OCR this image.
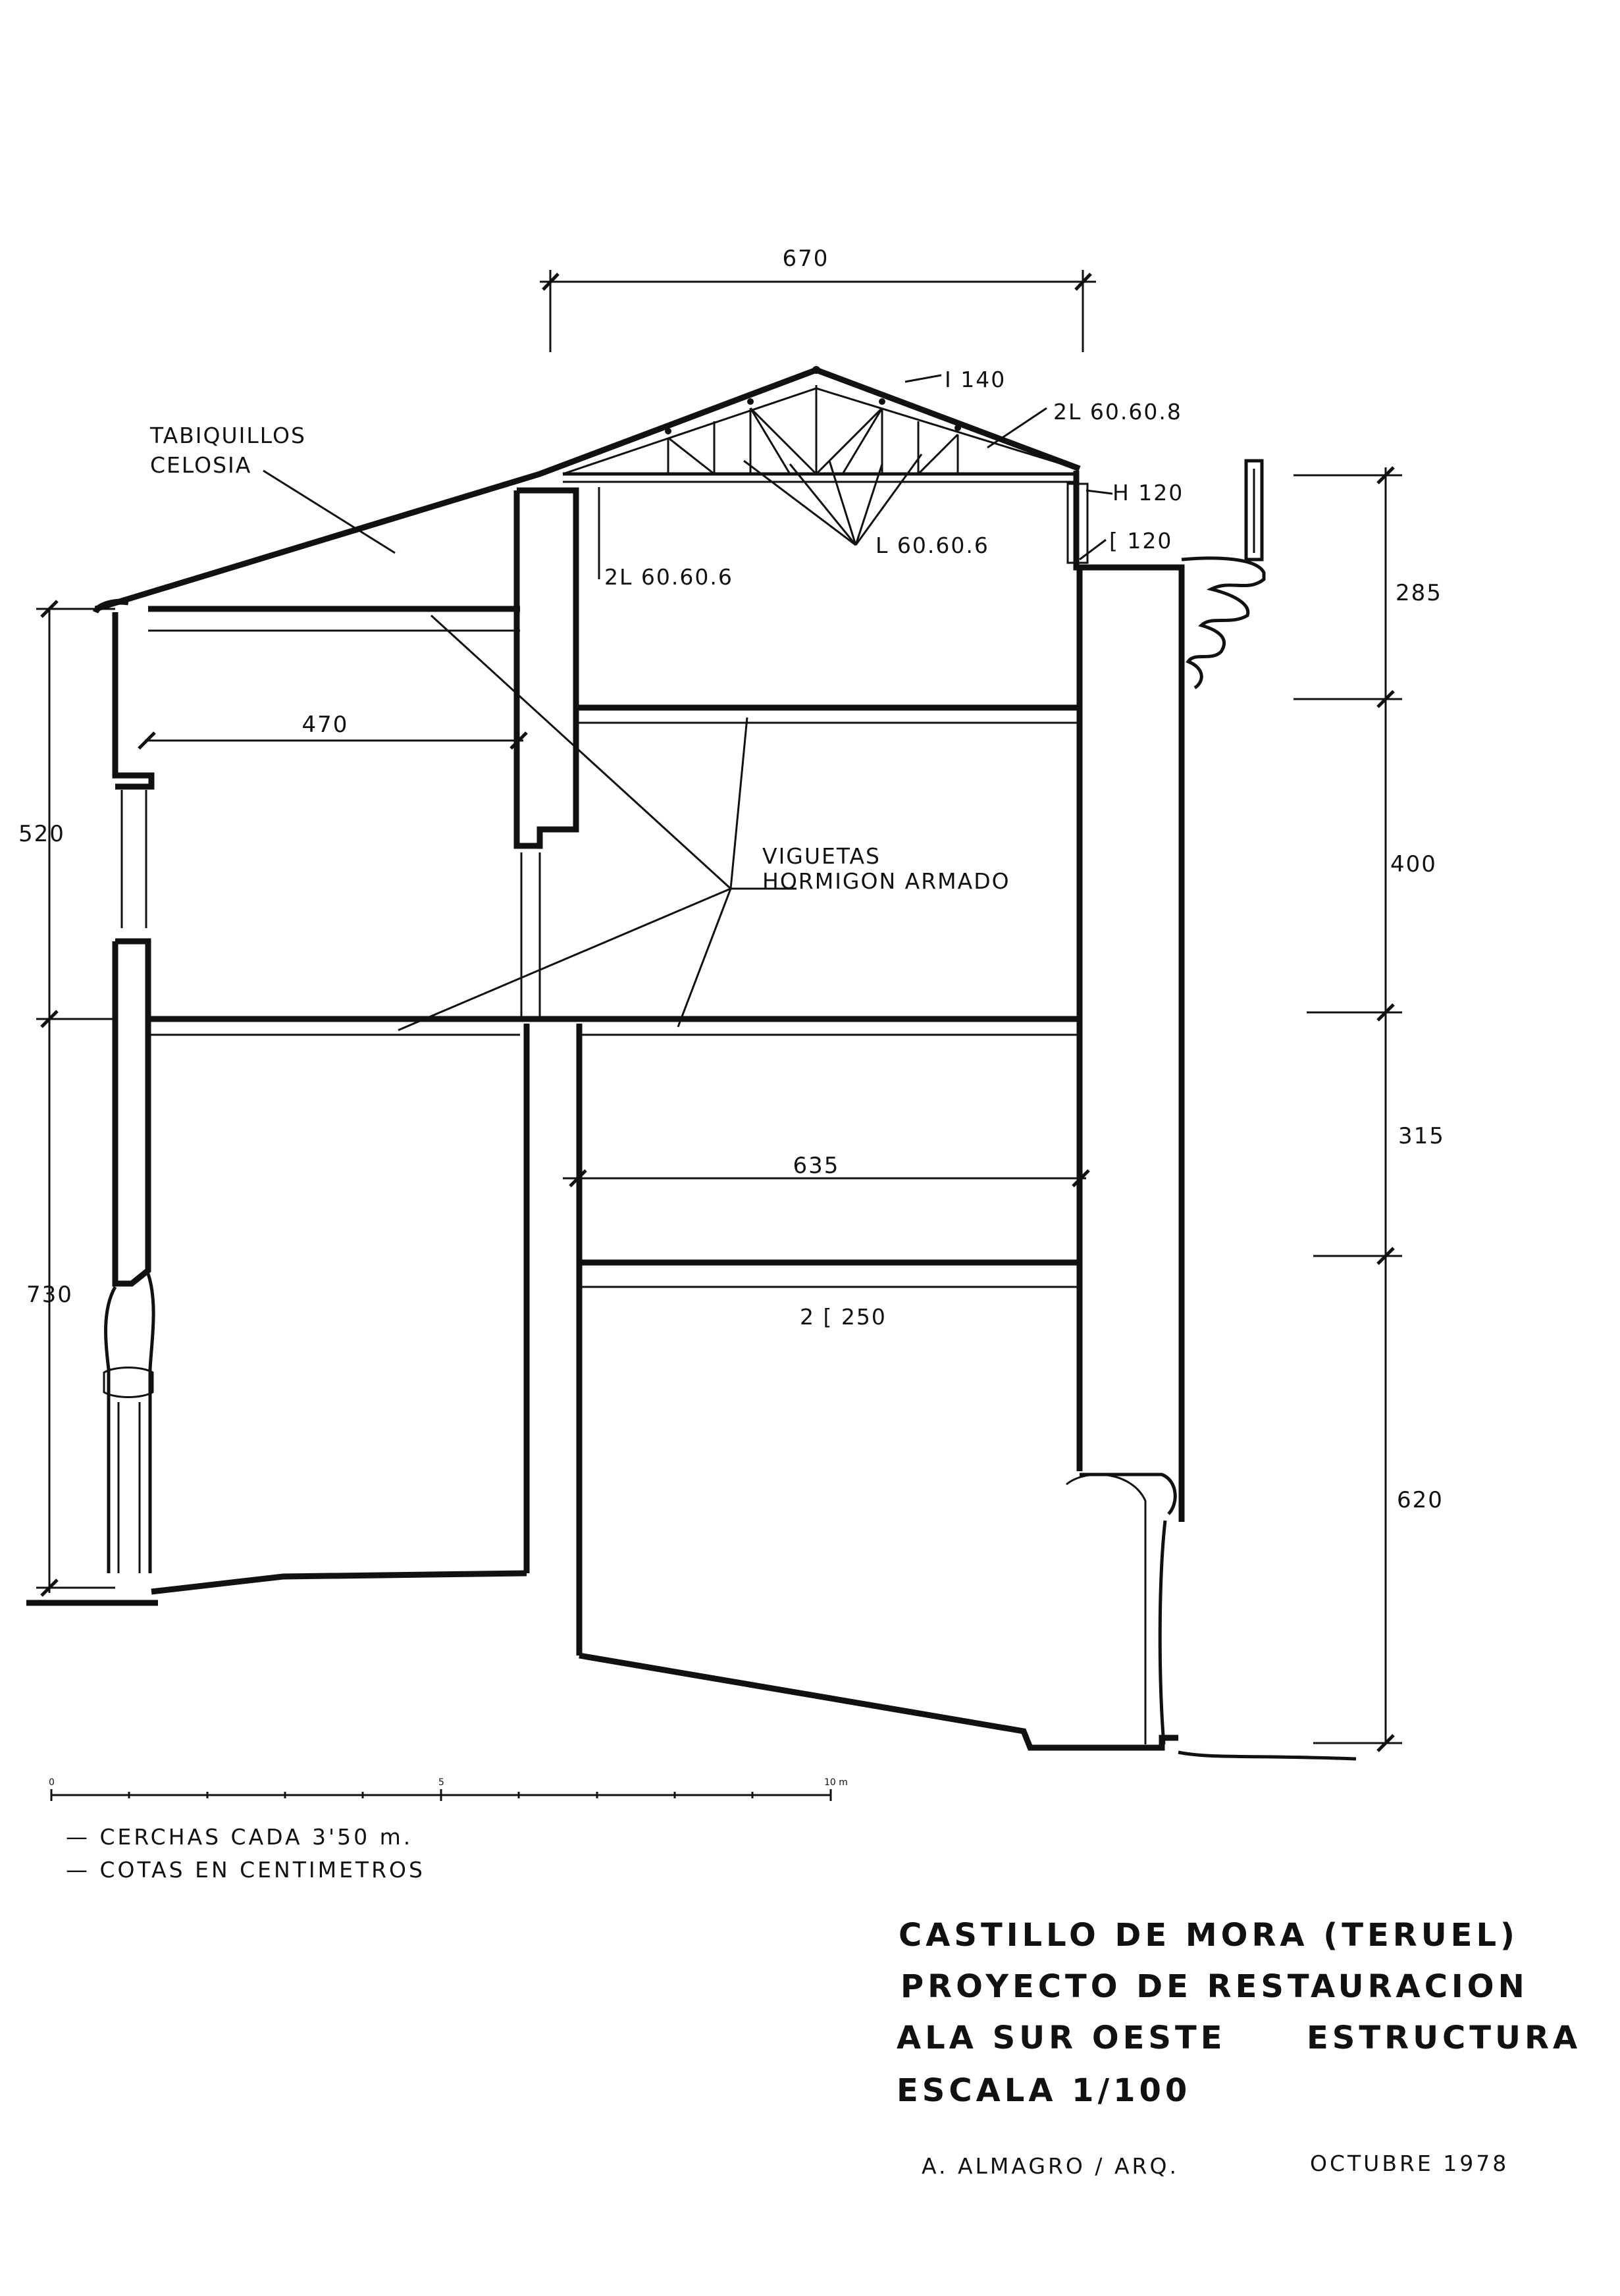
670
520
730
470
635
285
400
315
620
TABIQUILLOS
CELOSIA
VIGUETAS
HORMIGON ARMADO
I 140
2L 60.60.8
H 120
[ 120
L 60.60.6
2L 60.60.6
2 [ 250
0	5	10 m
— CERCHAS CADA 3'50 m.
— COTAS EN CENTIMETROS
CASTILLO DE MORA (TERUEL)
PROYECTO DE RESTAURACION
ALA SUR OESTE	ESTRUCTURA
ESCALA 1/100
A. ALMAGRO / ARQ.	OCTUBRE 1978
